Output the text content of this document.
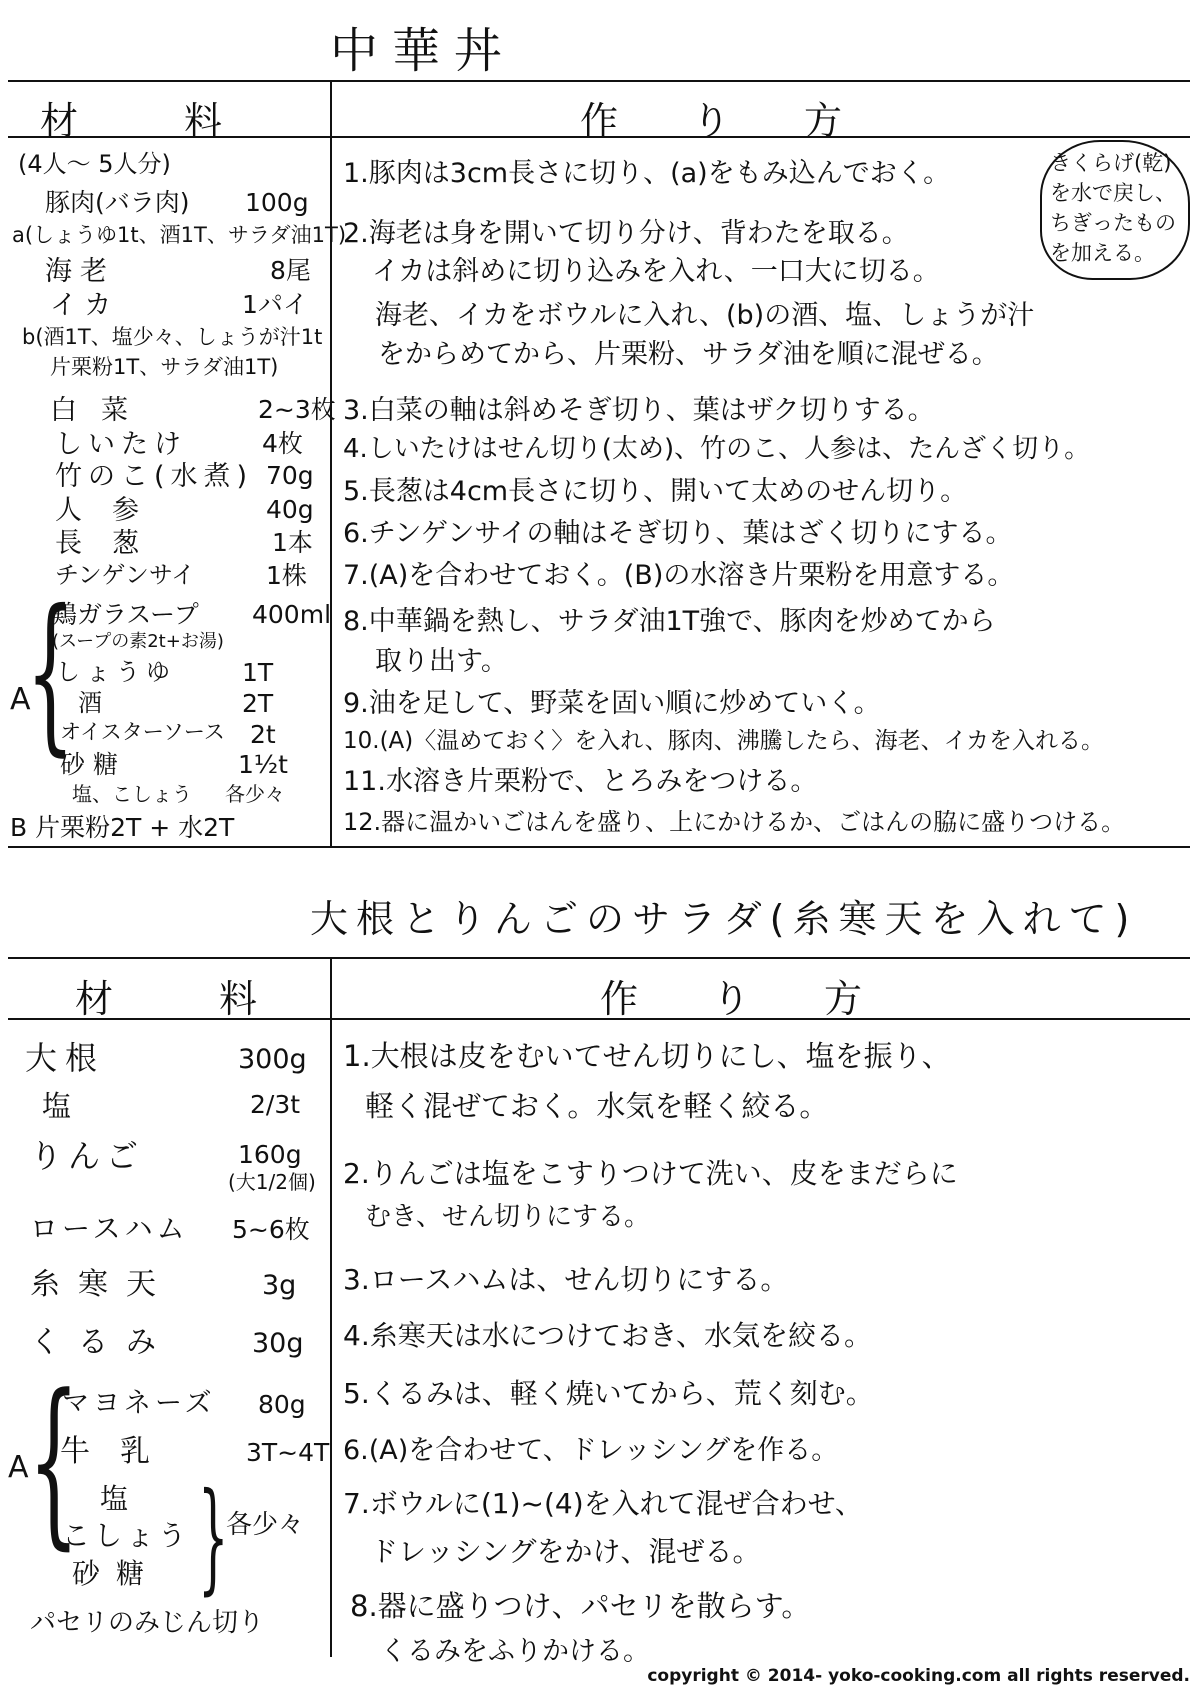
中華丼
材　　料	作　り　方
(4人～ 5人分)
豚肉(バラ肉) 100g
a(しょうゆ1t、酒1T、サラダ油1T)
海老	8尾
イカ	1パイ
b(酒1T、塩少々、しょうが汁1t
片栗粉1T、サラダ油1T)
白菜	2~3枚
しいたけ	4枚
竹のこ(水煮) 70g
人参	40g
長葱	1本
チンゲンサイ	1株
A
{
鶏ガラスープ 400ml
(スープの素2t+お湯)
しょうゆ	1T
酒	2T
オイスターソース 2t
砂糖	1½t
塩、こしょう 各少々
B 片栗粉2T + 水2T
1.豚肉は3cm長さに切り、(a)をもみ込んでおく。
2.海老は身を開いて切り分け、背わたを取る。
イカは斜めに切り込みを入れ、一口大に切る。
海老、イカをボウルに入れ、(b)の酒、塩、しょうが汁
をからめてから、片栗粉、サラダ油を順に混ぜる。
3.白菜の軸は斜めそぎ切り、葉はザク切りする。
4.しいたけはせん切り(太め)、竹のこ、人参は、たんざく切り。
5.長葱は4cm長さに切り、開いて太めのせん切り。
6.チンゲンサイの軸はそぎ切り、葉はざく切りにする。
7.(A)を合わせておく。(B)の水溶き片栗粉を用意する。
8.中華鍋を熱し、サラダ油1T強で、豚肉を炒めてから
取り出す。
9.油を足して、野菜を固い順に炒めていく。
10.(A)〈温めておく〉を入れ、豚肉、沸騰したら、海老、イカを入れる。
11.水溶き片栗粉で、とろみをつける。
12.器に温かいごはんを盛り、上にかけるか、ごはんの脇に盛りつける。
きくらげ(乾)
を水で戻し、
ちぎったもの
を加える。
大根とりんごのサラダ(糸寒天を入れて)
材　　料	作　り　方
大根	300g
塩	2/3t
りんご	160g
(大1/2個)
ロースハム 5~6枚
糸寒天	3g
くるみ	30g
A {
マヨネーズ 80g
牛乳	3T~4T
塩
こしょう
砂糖 }
各少々
パセリのみじん切り
1.大根は皮をむいてせん切りにし、塩を振り、
軽く混ぜておく。水気を軽く絞る。
2.りんごは塩をこすりつけて洗い、皮をまだらに
むき、せん切りにする。
3.ロースハムは、せん切りにする。
4.糸寒天は水につけておき、水気を絞る。
5.くるみは、軽く焼いてから、荒く刻む。
6.(A)を合わせて、ドレッシングを作る。
7.ボウルに(1)~(4)を入れて混ぜ合わせ、
ドレッシングをかけ、混ぜる。
8.器に盛りつけ、パセリを散らす。
くるみをふりかける。
copyright © 2014- yoko-cooking.com all rights reserved.
